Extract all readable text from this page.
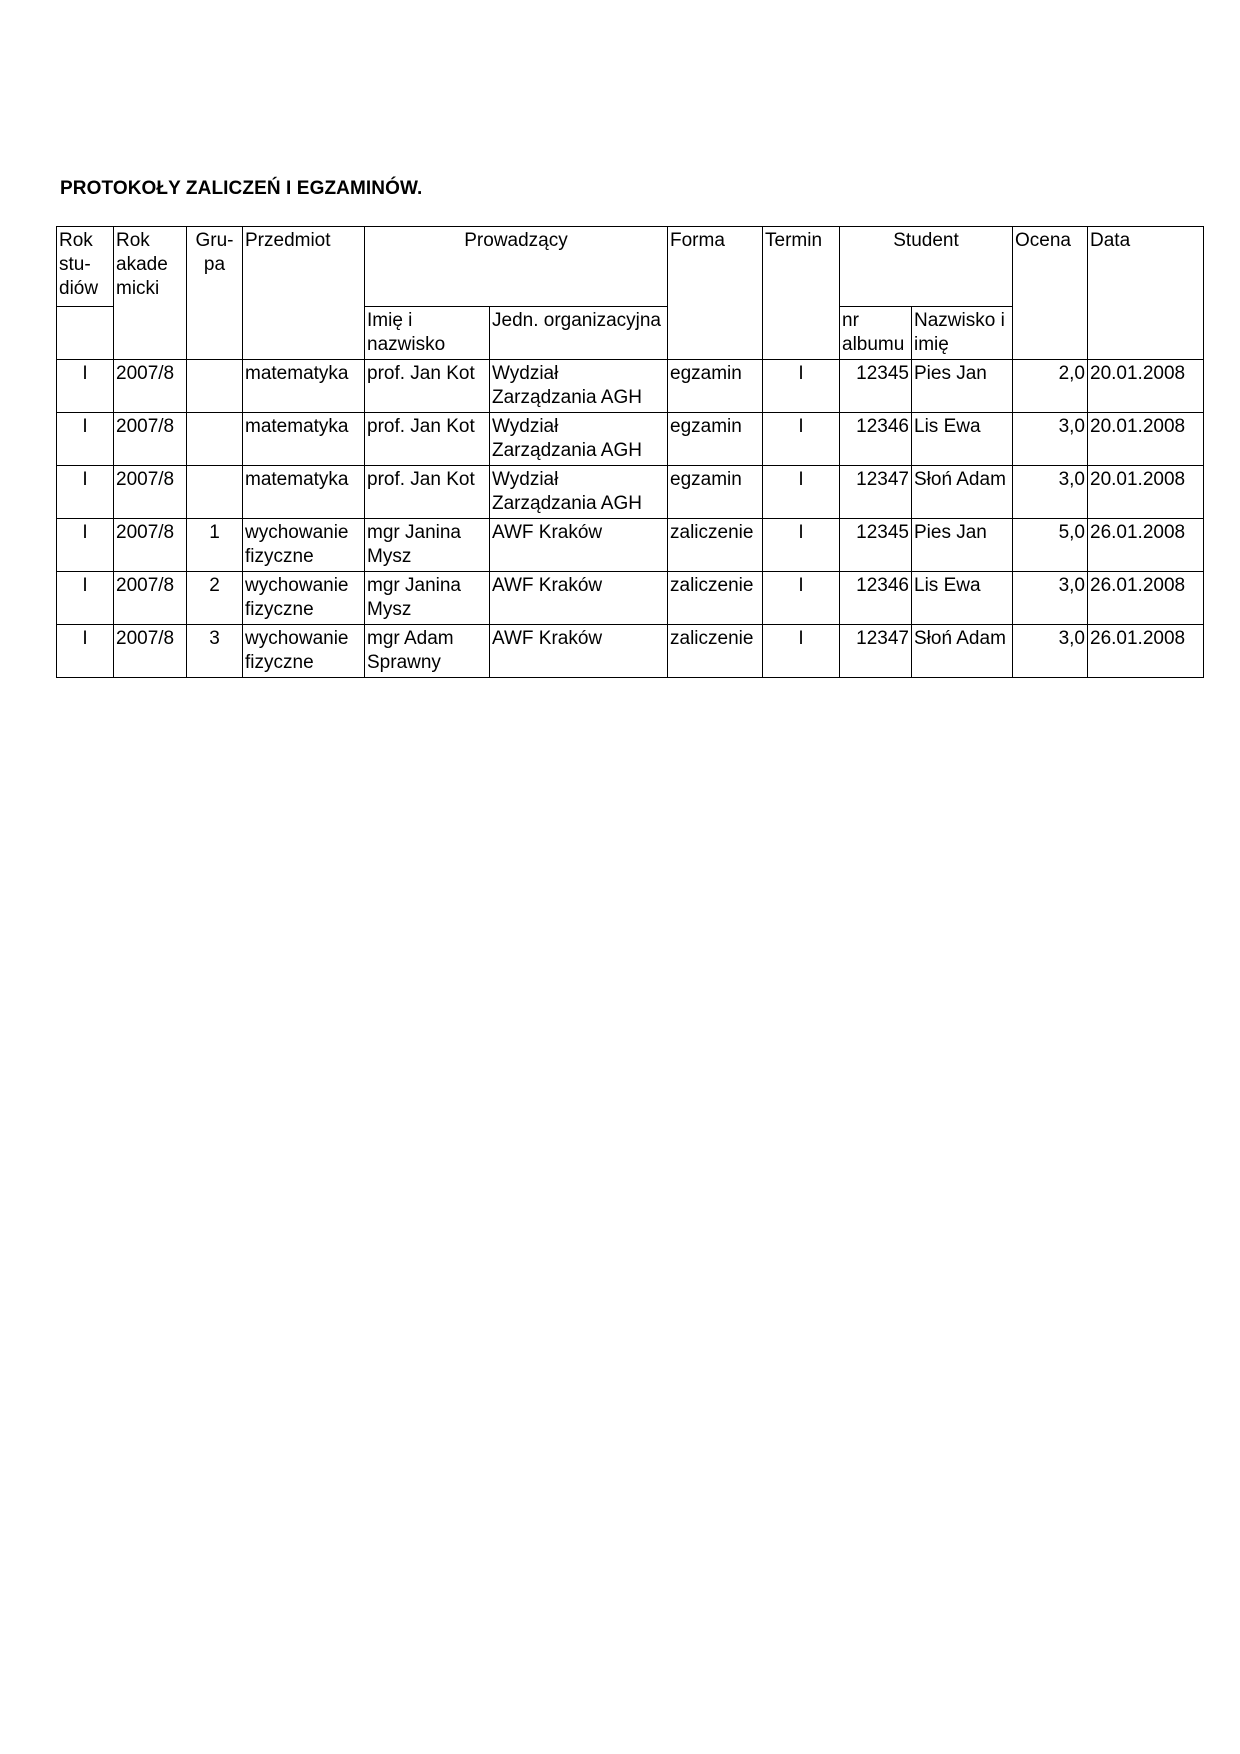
PROTOKOŁY ZALICZEŃ I EGZAMINÓW.
Rok stu- diów	Rok akade micki	Gru- pa	Przedmiot	Prowadzący		Forma	Termin	Student		Ocena	Data
				Imię i nazwisko	Jedn. organizacyjna			nr albumu	Nazwisko i imię		
I	2007/8		matematyka	prof. Jan Kot	Wydział Zarządzania AGH	egzamin	I	12345	Pies Jan	2,0	20.01.2008
I	2007/8		matematyka	prof. Jan Kot	Wydział Zarządzania AGH	egzamin	I	12346	Lis Ewa	3,0	20.01.2008
I	2007/8		matematyka	prof. Jan Kot	Wydział Zarządzania AGH	egzamin	I	12347	Słoń Adam	3,0	20.01.2008
I	2007/8	1	wychowanie fizyczne	mgr Janina Mysz	AWF Kraków	zaliczenie	I	12345	Pies Jan	5,0	26.01.2008
I	2007/8	2	wychowanie fizyczne	mgr Janina Mysz	AWF Kraków	zaliczenie	I	12346	Lis Ewa	3,0	26.01.2008
I	2007/8	3	wychowanie fizyczne	mgr Adam Sprawny	AWF Kraków	zaliczenie	I	12347	Słoń Adam	3,0	26.01.2008
